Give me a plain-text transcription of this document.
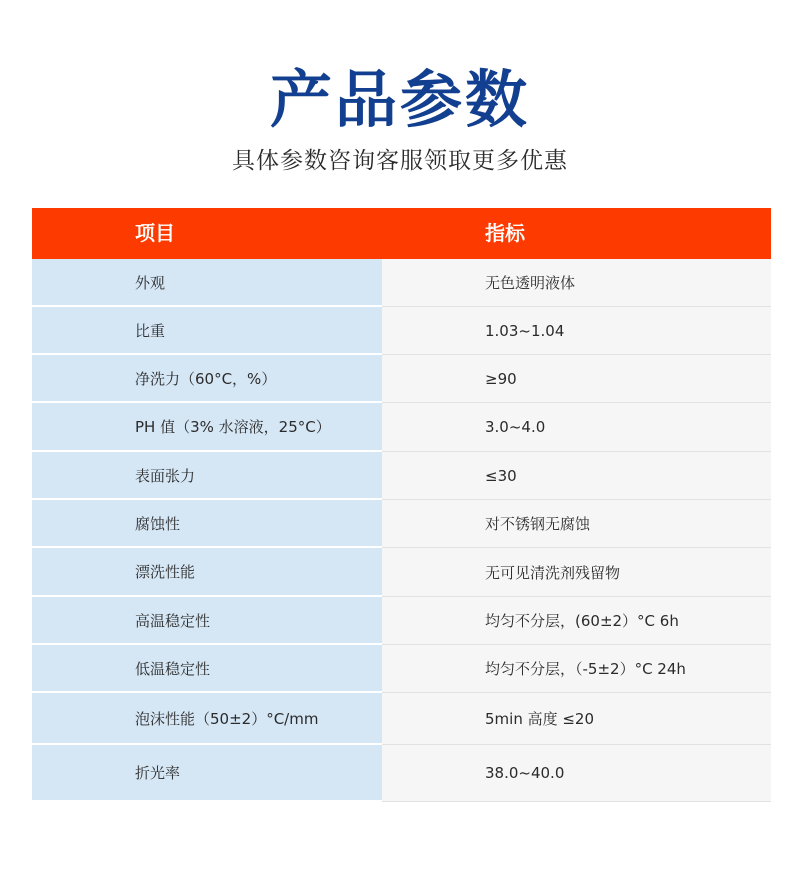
产品参数
具体参数咨询客服领取更多优惠
项目	指标
外观	无色透明液体
比重	1.03~1.04
净洗力（60°C，%）	≥90
PH 值（3% 水溶液，25°C）	3.0~4.0
表面张力	≤30
腐蚀性	对不锈钢无腐蚀
漂洗性能	无可见清洗剂残留物
高温稳定性	均匀不分层，(60±2）°C 6h
低温稳定性	均匀不分层，（-5±2）°C 24h
泡沫性能（50±2）°C/mm	5min 高度 ≤20
折光率	38.0~40.0
